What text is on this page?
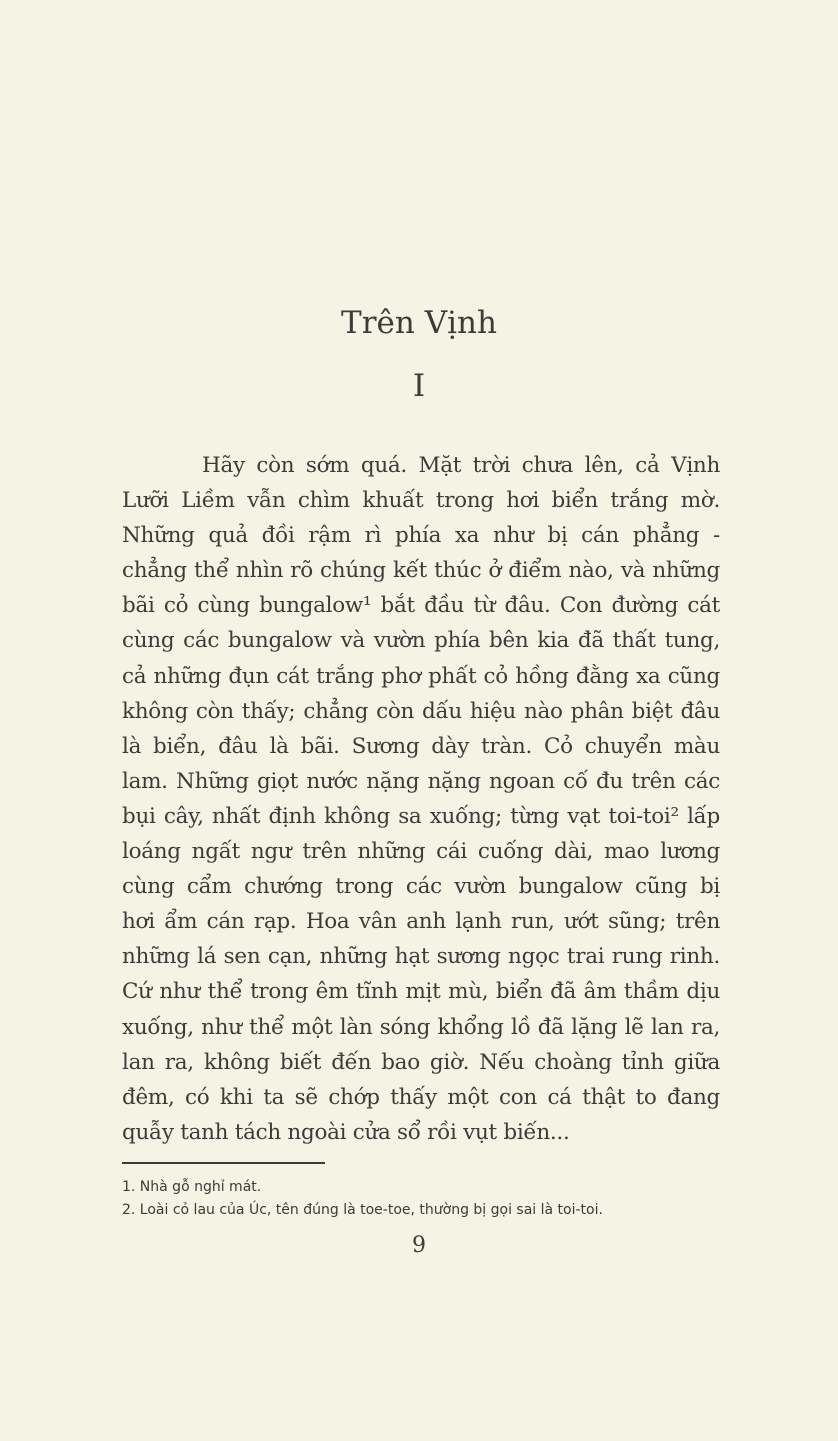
Trên Vịnh
I
Hãy còn sớm quá. Mặt trời chưa lên, cả Vịnh
Lưỡi Liềm vẫn chìm khuất trong hơi biển trắng mờ.
Những quả đồi rậm rì phía xa như bị cán phẳng -
chẳng thể nhìn rõ chúng kết thúc ở điểm nào, và những
bãi cỏ cùng bungalow¹ bắt đầu từ đâu. Con đường cát
cùng các bungalow và vườn phía bên kia đã thất tung,
cả những đụn cát trắng phơ phất cỏ hồng đằng xa cũng
không còn thấy; chẳng còn dấu hiệu nào phân biệt đâu
là biển, đâu là bãi. Sương dày tràn. Cỏ chuyển màu
lam. Những giọt nước nặng nặng ngoan cố đu trên các
bụi cây, nhất định không sa xuống; từng vạt toi-toi² lấp
loáng ngất ngư trên những cái cuống dài, mao lương
cùng cẩm chướng trong các vườn bungalow cũng bị
hơi ẩm cán rạp. Hoa vân anh lạnh run, ướt sũng; trên
những lá sen cạn, những hạt sương ngọc trai rung rinh.
Cứ như thể trong êm tĩnh mịt mù, biển đã âm thầm dịu
xuống, như thể một làn sóng khổng lồ đã lặng lẽ lan ra,
lan ra, không biết đến bao giờ. Nếu choàng tỉnh giữa
đêm, có khi ta sẽ chớp thấy một con cá thật to đang
quẫy tanh tách ngoài cửa sổ rồi vụt biến...
1. Nhà gỗ nghỉ mát.
2. Loài cỏ lau của Úc, tên đúng là toe-toe, thường bị gọi sai là toi-toi.
9
